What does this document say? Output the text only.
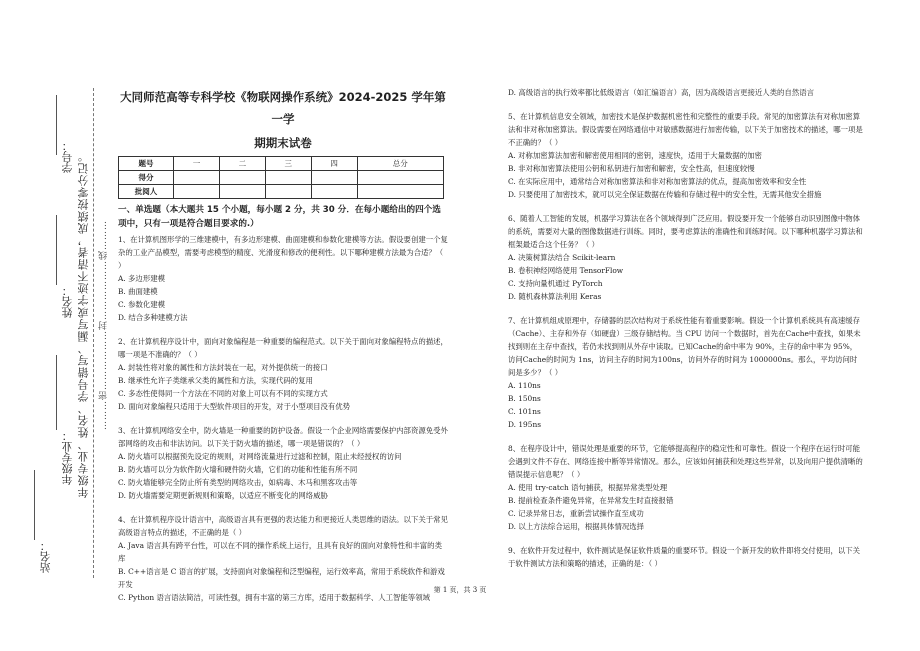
年级专业、姓名、学号错写、漏写或字迹不清者，成绩按零分记。 ………密………………封………………线………
学号：
姓名：
年级专业：
站名：
大同师范高等专科学校《物联网操作系统》2024-2025 学年第一学
期期末试卷
题号	一	二	三	四	总分
得分					
批阅人					
一、单选题（本大题共 15 个小题，每小题 2 分，共 30 分．在每小题给出的四个选项中，只有一项是符合题目要求的.）

1、在计算机图形学的三维建模中，有多边形建模、曲面建模和参数化建模等方法。假设要创建一个复杂的工业产品模型，需要考虑模型的精度、光滑度和修改的便利性。以下哪种建模方法最为合适？（ ）

A. 多边形建模
B. 曲面建模
C. 参数化建模
D. 结合多种建模方法

2、在计算机程序设计中，面向对象编程是一种重要的编程范式。以下关于面向对象编程特点的描述，哪一项是不准确的？（ ）

A. 封装性将对象的属性和方法封装在一起，对外提供统一的接口
B. 继承性允许子类继承父类的属性和方法，实现代码的复用
C. 多态性使得同一个方法在不同的对象上可以有不同的实现方式
D. 面向对象编程只适用于大型软件项目的开发，对于小型项目没有优势

3、在计算机网络安全中，防火墙是一种重要的防护设备。假设一个企业网络需要保护内部资源免受外部网络的攻击和非法访问。以下关于防火墙的描述，哪一项是错误的？（ ）

A. 防火墙可以根据预先设定的规则，对网络流量进行过滤和控制，阻止未经授权的访问
B. 防火墙可以分为软件防火墙和硬件防火墙，它们的功能和性能有所不同
C. 防火墙能够完全防止所有类型的网络攻击，如病毒、木马和黑客攻击等
D. 防火墙需要定期更新规则和策略，以适应不断变化的网络威胁

4、在计算机程序设计语言中，高级语言具有更强的表达能力和更接近人类思维的语法。以下关于常见高级语言特点的描述，不正确的是（ ）

A. Java 语言具有跨平台性，可以在不同的操作系统上运行，且具有良好的面向对象特性和丰富的类库
B. C++语言是 C 语言的扩展，支持面向对象编程和泛型编程，运行效率高，常用于系统软件和游戏开发
C. Python 语言语法简洁，可读性强，拥有丰富的第三方库，适用于数据科学、人工智能等领域
D. 高级语言的执行效率都比低级语言（如汇编语言）高，因为高级语言更接近人类的自然语言

5、在计算机信息安全领域，加密技术是保护数据机密性和完整性的重要手段。常见的加密算法有对称加密算法和非对称加密算法。假设需要在网络通信中对敏感数据进行加密传输，以下关于加密技术的描述，哪一项是不正确的？（ ）

A. 对称加密算法加密和解密使用相同的密钥，速度快，适用于大量数据的加密
B. 非对称加密算法使用公钥和私钥进行加密和解密，安全性高，但速度较慢
C. 在实际应用中，通常结合对称加密算法和非对称加密算法的优点，提高加密效率和安全性
D. 只要使用了加密技术，就可以完全保证数据在传输和存储过程中的安全性，无需其他安全措施

6、随着人工智能的发展，机器学习算法在各个领域得到广泛应用。假设要开发一个能够自动识别图像中物体的系统，需要对大量的图像数据进行训练。同时，要考虑算法的准确性和训练时间。以下哪种机器学习算法和框架最适合这个任务？（ ）

A. 决策树算法结合 Scikit-learn
B. 卷积神经网络使用 TensorFlow
C. 支持向量机通过 PyTorch
D. 随机森林算法利用 Keras

7、在计算机组成原理中，存储器的层次结构对于系统性能有着重要影响。假设一个计算机系统具有高速缓存（Cache）、主存和外存（如硬盘）三级存储结构。当 CPU 访问一个数据时，首先在Cache中查找，如果未找到则在主存中查找，若仍未找到则从外存中读取。已知Cache的命中率为 90%，主存的命中率为 95%，访问Cache的时间为 1ns，访问主存的时间为100ns，访问外存的时间为 1000000ns。那么，平均访问时间是多少？（ ）

A. 110ns
B. 150ns
C. 101ns
D. 195ns

8、在程序设计中，错误处理是重要的环节，它能够提高程序的稳定性和可靠性。假设一个程序在运行时可能会遇到文件不存在、网络连接中断等异常情况。那么，应该如何捕获和处理这些异常，以及向用户提供清晰的错误提示信息呢？（ ）

A. 使用 try-catch 语句捕获，根据异常类型处理
B. 提前检查条件避免异常，在异常发生时直接报错
C. 记录异常日志，重新尝试操作直至成功
D. 以上方法综合运用，根据具体情况选择

9、在软件开发过程中，软件测试是保证软件质量的重要环节。假设一个新开发的软件即将交付使用，以下关于软件测试方法和策略的描述，正确的是：（ ）

第 1 页，共 3 页
